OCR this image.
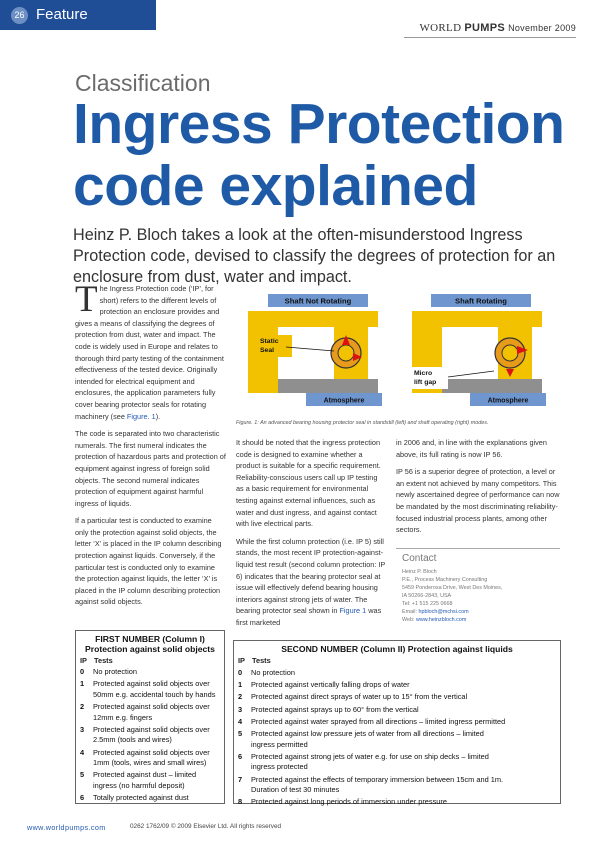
26 Feature
WORLD PUMPS November 2009
Classification
Ingress Protection code explained
Heinz P. Bloch takes a look at the often-misunderstood Ingress Protection code, devised to classify the degrees of protection for an enclosure from dust, water and impact.

The Ingress Protection code (‘IP’, for short) refers to the different levels of protection an enclosure provides and gives a means of classifying the degrees of protection from dust, water and impact. The code is widely used in Europe and relates to thorough third party testing of the containment effectiveness of the tested device. Originally intended for electrical equipment and enclosures, the application parameters fully cover bearing protector seals for rotating machinery (see Figure. 1).

The code is separated into two characteristic numerals. The first numeral indicates the protection of hazardous parts and protection of equipment against ingress of foreign solid objects. The second numeral indicates protection of equipment against harmful ingress of liquids.

If a particular test is conducted to examine only the protection against solid objects, the letter ‘X’ is placed in the IP column describing protection against liquids. Conversely, if the particular test is conducted only to examine the protection against liquids, the letter ‘X’ is placed in the IP column describing protection against solid objects.

Shaft Not Rotating
Atmosphere
Static
Seal
Shaft Rotating
Atmosphere
Micro
lift gap
Figure. 1: An advanced bearing housing protector seal in standstill (left) and shaft operating (right) modes.

It should be noted that the ingress protection code is designed to examine whether a product is suitable for a specific requirement. Reliability-conscious users call up IP testing as a basic requirement for environmental testing against external influences, such as water and dust ingress, and against contact with live electrical parts.

While the first column protection (i.e. IP 5) still stands, the most recent IP protection-against-liquid test result (second column protection: IP 6) indicates that the bearing protector seal at issue will effectively defend bearing housing interiors against strong jets of water. The bearing protector seal shown in Figure 1 was first marketed

in 2006 and, in line with the explanations given above, its full rating is now IP 56.

IP 56 is a superior degree of protection, a level or an extent not achieved by many competitors. This newly ascertained degree of performance can now be mandated by the most discriminating reliability-focused industrial process plants, among other sectors.

Contact
Heinz P. Bloch
P.E., Process Machinery Consulting
5459 Ponderosa Drive, West Des Moines,
IA 50266-2843, USA
Tel: +1 515 225 0668
Email: hpbloch@mchsi.com
Web: www.heinzbloch.com
FIRST NUMBER (Column I)
Protection against solid objects
IP Tests
0 No protection
1 Protected against solid objects over
50mm e.g. accidental touch by hands
2 Protected against solid objects over
12mm e.g. fingers
3 Protected against solid objects over
2.5mm (tools and wires)
4 Protected against solid objects over
1mm (tools, wires and small wires)
5 Protected against dust – limited
ingress (no harmful deposit)
6 Totally protected against dust
SECOND NUMBER (Column II) Protection against liquids
IP Tests
0 No protection
1 Protected against vertically falling drops of water
2 Protected against direct sprays of water up to 15° from the vertical
3 Protected against sprays up to 60° from the vertical
4 Protected against water sprayed from all directions – limited ingress permitted
5 Protected against low pressure jets of water from all directions – limited
ingress permitted
6 Protected against strong jets of water e.g. for use on ship decks – limited
ingress protected
7 Protected against the effects of temporary immersion between 15cm and 1m.
Duration of test 30 minutes
8 Protected against long periods of immersion under pressure
www.worldpumps.com	0262 1762/09 © 2009 Elsevier Ltd. All rights reserved
